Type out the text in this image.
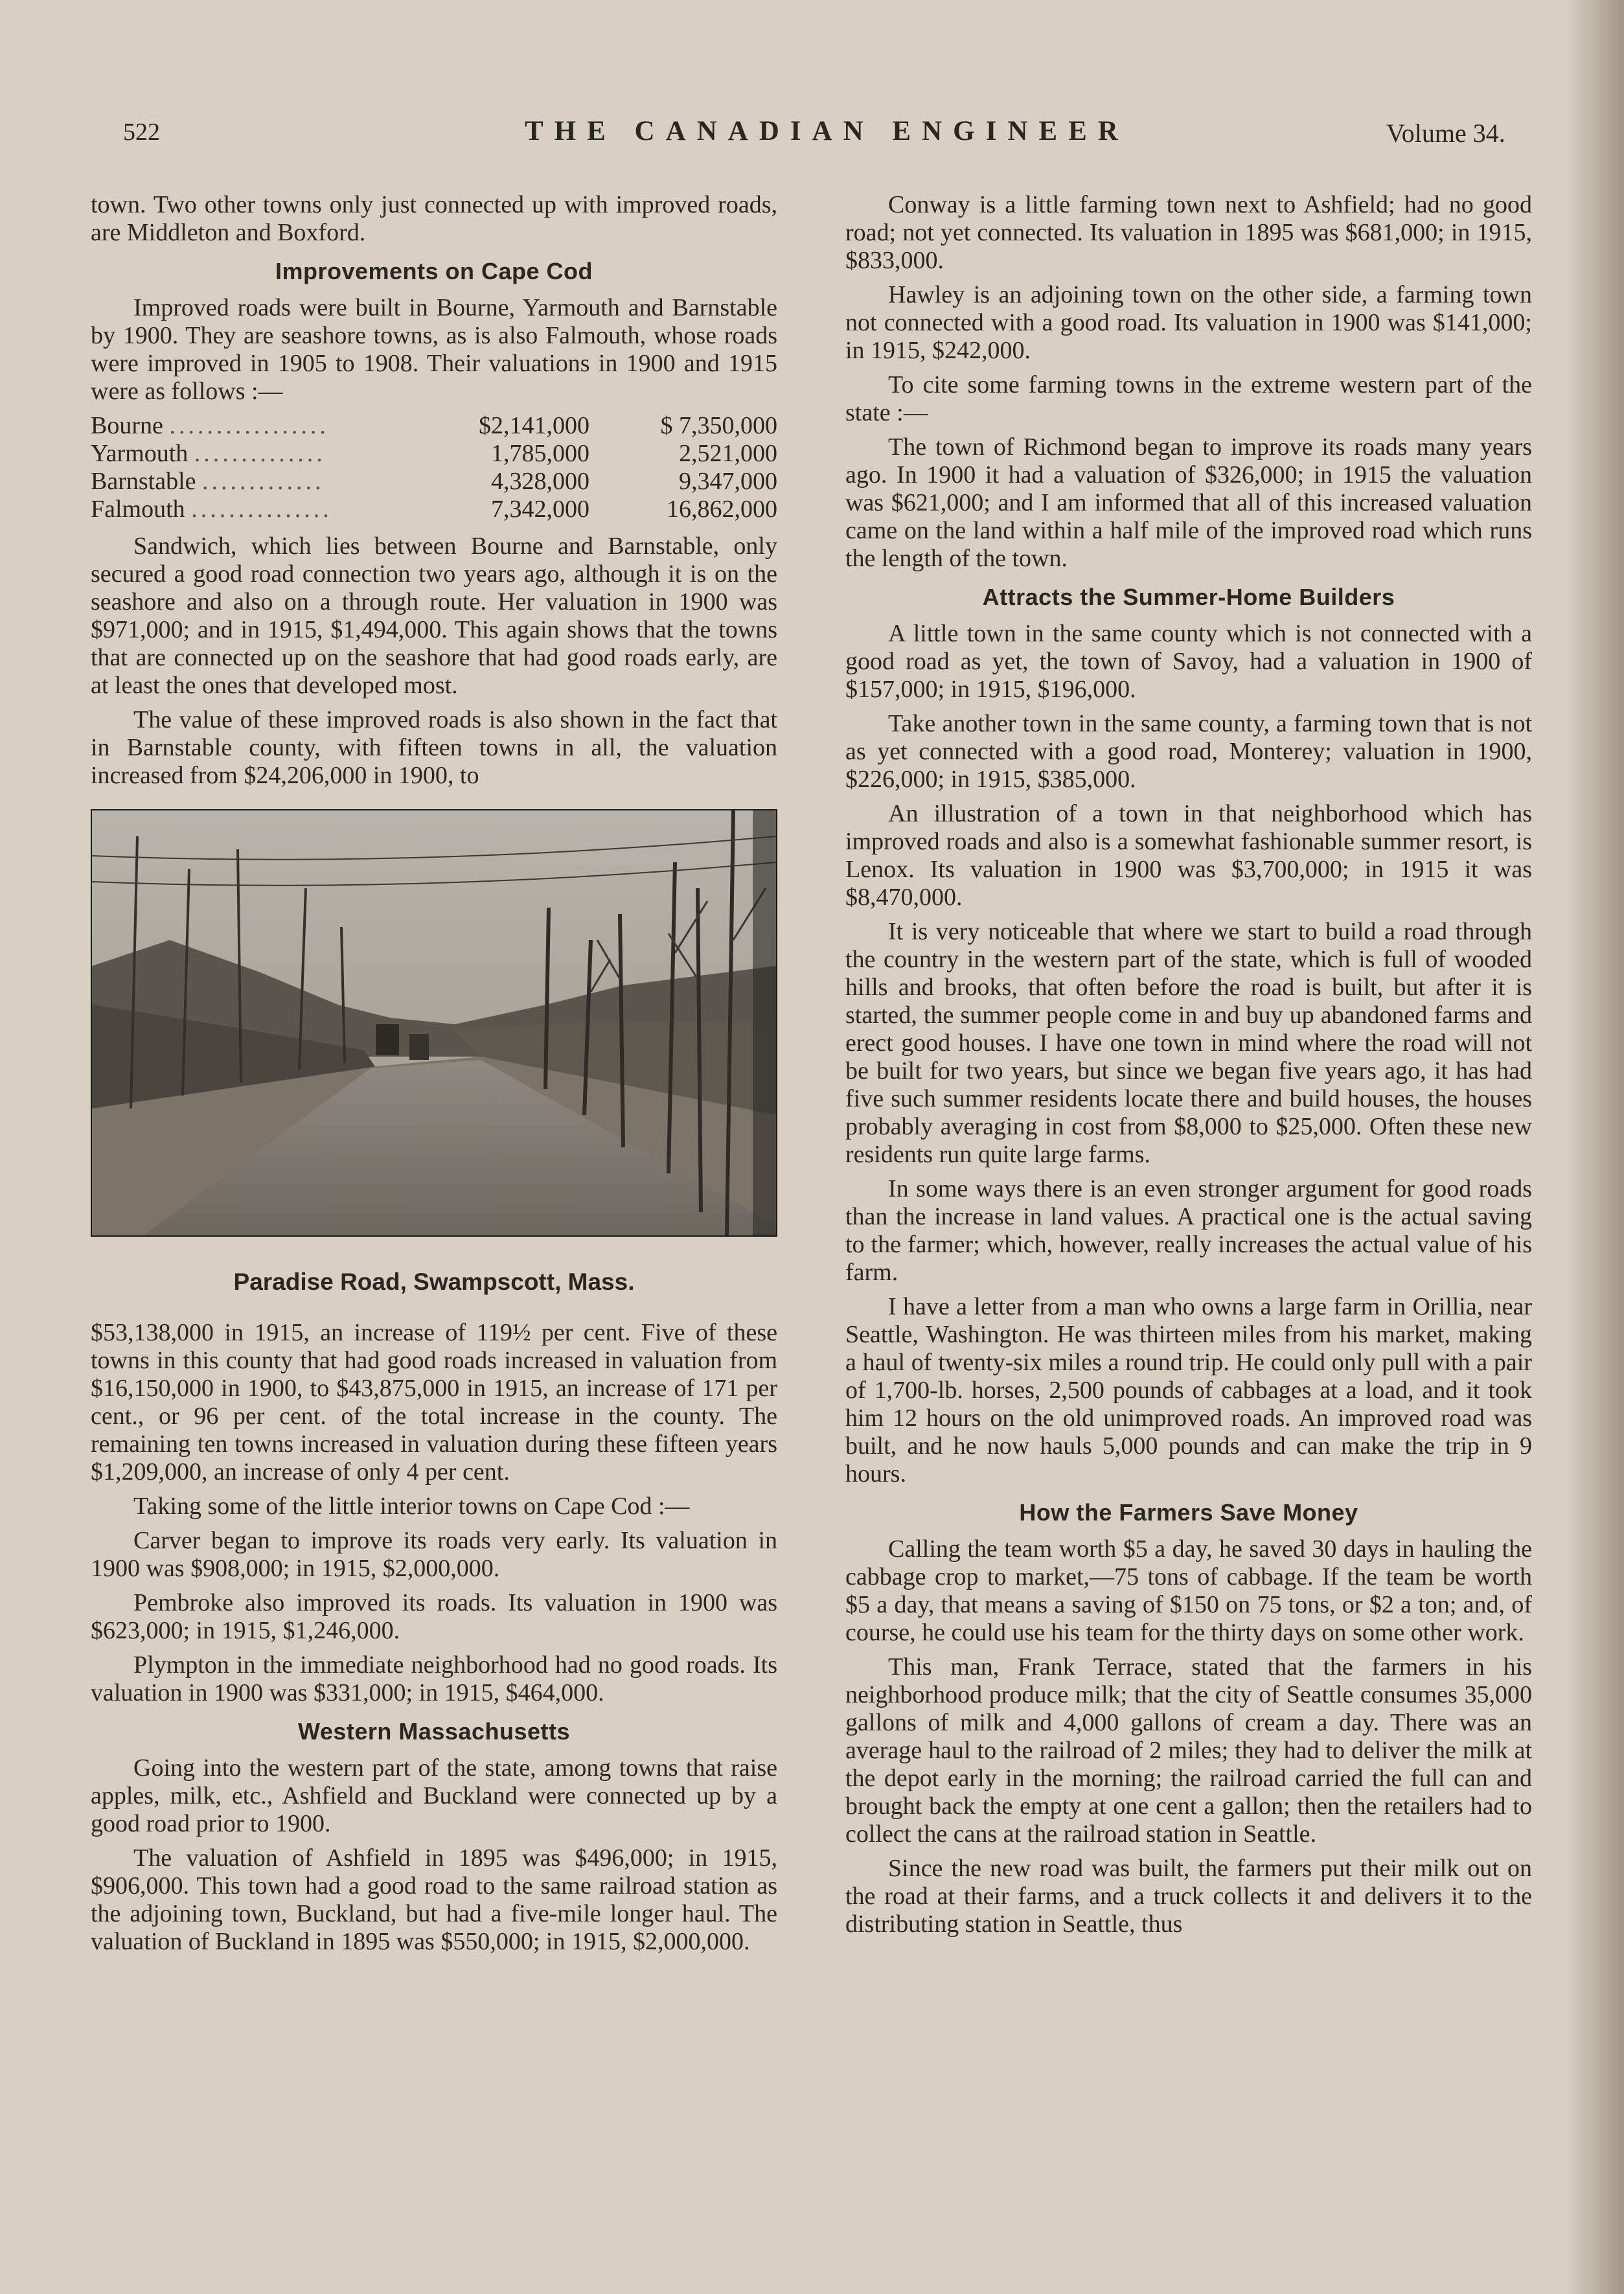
522	THE CANADIAN ENGINEER	Volume 34.

town. Two other towns only just connected up with improved roads, are Middleton and Boxford.

Improvements on Cape Cod

Improved roads were built in Bourne, Yarmouth and Barnstable by 1900. They are seashore towns, as is also Falmouth, whose roads were improved in 1905 to 1908. Their valuations in 1900 and 1915 were as follows :—

Bourne .................	$2,141,000	$ 7,350,000
Yarmouth ..............	1,785,000	2,521,000
Barnstable .............	4,328,000	9,347,000
Falmouth ...............	7,342,000	16,862,000

Sandwich, which lies between Bourne and Barnstable, only secured a good road connection two years ago, although it is on the seashore and also on a through route. Her valuation in 1900 was $971,000; and in 1915, $1,494,000. This again shows that the towns that are connected up on the seashore that had good roads early, are at least the ones that developed most.

The value of these improved roads is also shown in the fact that in Barnstable county, with fifteen towns in all, the valuation increased from $24,206,000 in 1900, to

Paradise Road, Swampscott, Mass.

$53,138,000 in 1915, an increase of 119½ per cent. Five of these towns in this county that had good roads increased in valuation from $16,150,000 in 1900, to $43,875,000 in 1915, an increase of 171 per cent., or 96 per cent. of the total increase in the county. The remaining ten towns increased in valuation during these fifteen years $1,209,000, an increase of only 4 per cent.

Taking some of the little interior towns on Cape Cod :—

Carver began to improve its roads very early. Its valuation in 1900 was $908,000; in 1915, $2,000,000.

Pembroke also improved its roads. Its valuation in 1900 was $623,000; in 1915, $1,246,000.

Plympton in the immediate neighborhood had no good roads. Its valuation in 1900 was $331,000; in 1915, $464,000.

Western Massachusetts

Going into the western part of the state, among towns that raise apples, milk, etc., Ashfield and Buckland were connected up by a good road prior to 1900.

The valuation of Ashfield in 1895 was $496,000; in 1915, $906,000. This town had a good road to the same railroad station as the adjoining town, Buckland, but had a five-mile longer haul. The valuation of Buckland in 1895 was $550,000; in 1915, $2,000,000.

Conway is a little farming town next to Ashfield; had no good road; not yet connected. Its valuation in 1895 was $681,000; in 1915, $833,000.

Hawley is an adjoining town on the other side, a farming town not connected with a good road. Its valuation in 1900 was $141,000; in 1915, $242,000.

To cite some farming towns in the extreme western part of the state :—

The town of Richmond began to improve its roads many years ago. In 1900 it had a valuation of $326,000; in 1915 the valuation was $621,000; and I am informed that all of this increased valuation came on the land within a half mile of the improved road which runs the length of the town.

Attracts the Summer-Home Builders

A little town in the same county which is not connected with a good road as yet, the town of Savoy, had a valuation in 1900 of $157,000; in 1915, $196,000.

Take another town in the same county, a farming town that is not as yet connected with a good road, Monterey; valuation in 1900, $226,000; in 1915, $385,000.

An illustration of a town in that neighborhood which has improved roads and also is a somewhat fashionable summer resort, is Lenox. Its valuation in 1900 was $3,700,000; in 1915 it was $8,470,000.

It is very noticeable that where we start to build a road through the country in the western part of the state, which is full of wooded hills and brooks, that often before the road is built, but after it is started, the summer people come in and buy up abandoned farms and erect good houses. I have one town in mind where the road will not be built for two years, but since we began five years ago, it has had five such summer residents locate there and build houses, the houses probably averaging in cost from $8,000 to $25,000. Often these new residents run quite large farms.

In some ways there is an even stronger argument for good roads than the increase in land values. A practical one is the actual saving to the farmer; which, however, really increases the actual value of his farm.

I have a letter from a man who owns a large farm in Orillia, near Seattle, Washington. He was thirteen miles from his market, making a haul of twenty-six miles a round trip. He could only pull with a pair of 1,700-lb. horses, 2,500 pounds of cabbages at a load, and it took him 12 hours on the old unimproved roads. An improved road was built, and he now hauls 5,000 pounds and can make the trip in 9 hours.

How the Farmers Save Money

Calling the team worth $5 a day, he saved 30 days in hauling the cabbage crop to market,—75 tons of cabbage. If the team be worth $5 a day, that means a saving of $150 on 75 tons, or $2 a ton; and, of course, he could use his team for the thirty days on some other work.

This man, Frank Terrace, stated that the farmers in his neighborhood produce milk; that the city of Seattle consumes 35,000 gallons of milk and 4,000 gallons of cream a day. There was an average haul to the railroad of 2 miles; they had to deliver the milk at the depot early in the morning; the railroad carried the full can and brought back the empty at one cent a gallon; then the retailers had to collect the cans at the railroad station in Seattle.

Since the new road was built, the farmers put their milk out on the road at their farms, and a truck collects it and delivers it to the distributing station in Seattle, thus
